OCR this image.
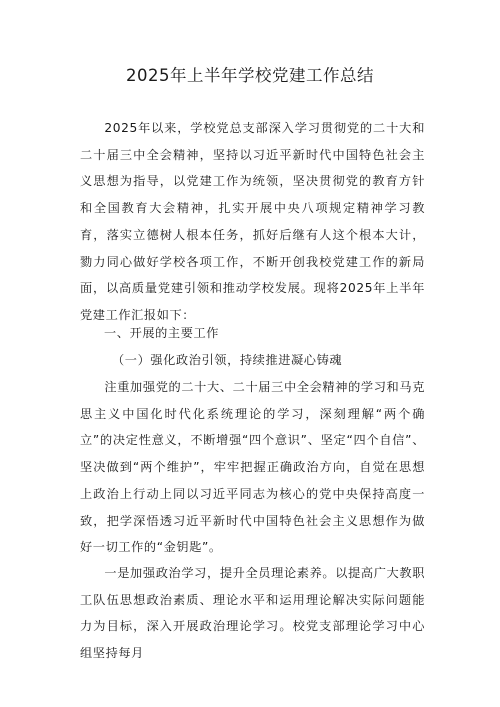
2025年上半年学校党建工作总结

2025年以来，学校党总支部深入学习贯彻党的二十大和二十届三中全会精神，坚持以习近平新时代中国特色社会主义思想为指导，以党建工作为统领，坚决贯彻党的教育方针和全国教育大会精神，扎实开展中央八项规定精神学习教育，落实立德树人根本任务，抓好后继有人这个根本大计，勠力同心做好学校各项工作，不断开创我校党建工作的新局面，以高质量党建引领和推动学校发展。现将2025年上半年党建工作汇报如下：

一、开展的主要工作

（一）强化政治引领，持续推进凝心铸魂

注重加强党的二十大、二十届三中全会精神的学习和马克思主义中国化时代化系统理论的学习，深刻理解“两个确立”的决定性意义，不断增强“四个意识”、坚定“四个自信”、坚决做到“两个维护”，牢牢把握正确政治方向，自觉在思想上政治上行动上同以习近平同志为核心的党中央保持高度一致，把学深悟透习近平新时代中国特色社会主义思想作为做好一切工作的“金钥匙”。

一是加强政治学习，提升全员理论素养。以提高广大教职工队伍思想政治素质、理论水平和运用理论解决实际问题能力为目标，深入开展政治理论学习。校党支部理论学习中心组坚持每月
